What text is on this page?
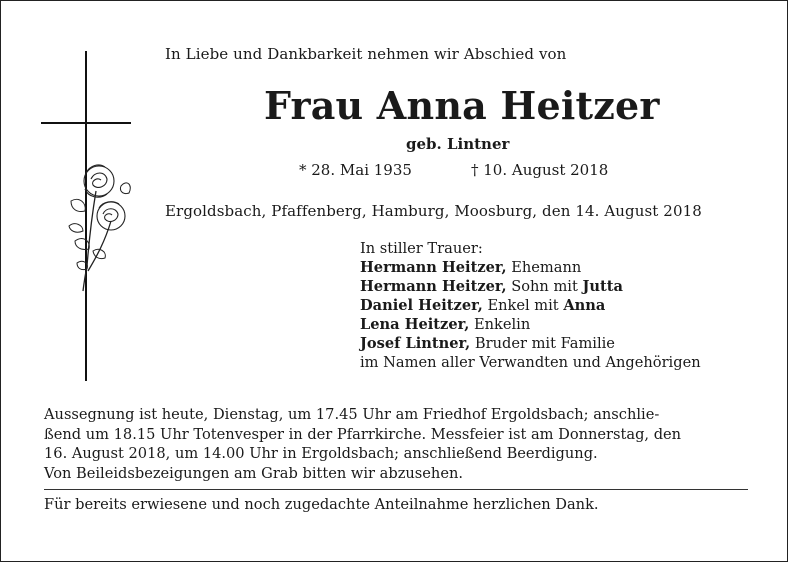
In Liebe und Dankbarkeit nehmen wir Abschied von
Frau Anna Heitzer
geb. Lintner
* 28. Mai 1935	† 10. August 2018
Ergoldsbach, Pfaffenberg, Hamburg, Moosburg, den 14. August 2018
In stiller Trauer:
Hermann Heitzer, Ehemann
Hermann Heitzer, Sohn mit Jutta
Daniel Heitzer, Enkel mit Anna
Lena Heitzer, Enkelin
Josef Lintner, Bruder mit Familie
im Namen aller Verwandten und Angehörigen
Aussegnung ist heute, Dienstag, um 17.45 Uhr am Friedhof Ergoldsbach; anschlie-
ßend um 18.15 Uhr Totenvesper in der Pfarrkirche. Messfeier ist am Donnerstag, den
16. August 2018, um 14.00 Uhr in Ergoldsbach; anschließend Beerdigung.
Von Beileidsbezeigungen am Grab bitten wir abzusehen.
Für bereits erwiesene und noch zugedachte Anteilnahme herzlichen Dank.
